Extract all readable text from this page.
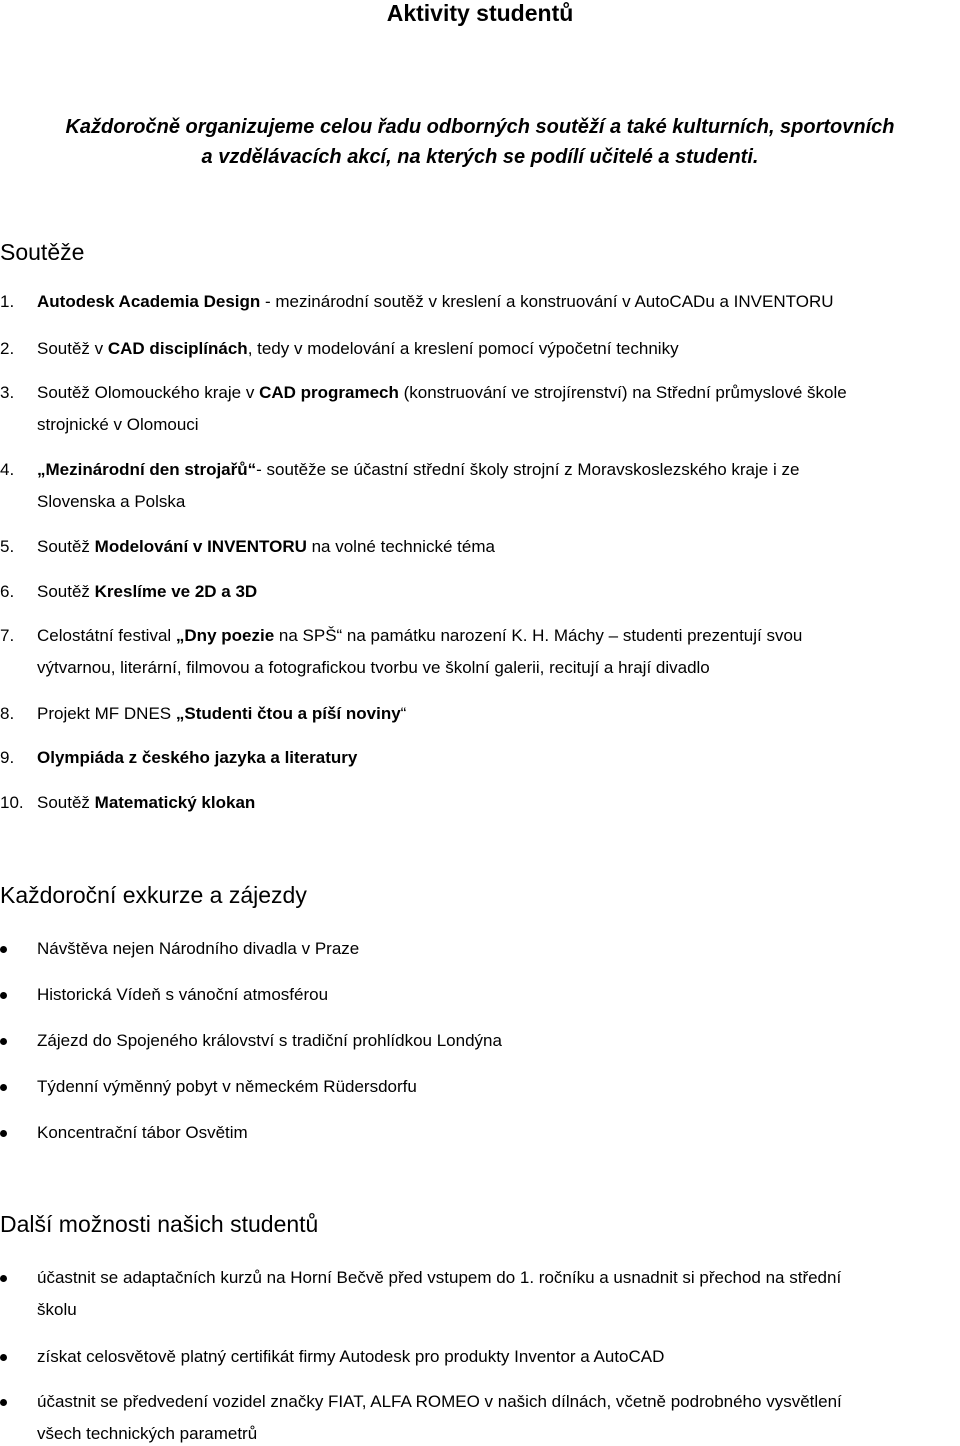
Aktivity studentů
Každoročně organizujeme celou řadu odborných soutěží a také kulturních, sportovních
a vzdělávacích akcí, na kterých se podílí učitelé a studenti.
Soutěže
1. Autodesk Academia Design - mezinárodní soutěž v kreslení a konstruování v AutoCADu a INVENTORU
2. Soutěž v CAD disciplínách, tedy v modelování a kreslení pomocí výpočetní techniky
3. Soutěž Olomouckého kraje v CAD programech (konstruování ve strojírenství) na Střední průmyslové škole
strojnické v Olomouci
4. „Mezinárodní den strojařů“- soutěže se účastní střední školy strojní z Moravskoslezského kraje i ze
Slovenska a Polska
5. Soutěž Modelování v INVENTORU na volné technické téma
6. Soutěž Kreslíme ve 2D a 3D
7. Celostátní festival „Dny poezie na SPŠ“ na památku narození K. H. Máchy – studenti prezentují svou
výtvarnou, literární, filmovou a fotografickou tvorbu ve školní galerii, recitují a hrají divadlo
8. Projekt MF DNES „Studenti čtou a píší noviny“
9. Olympiáda z českého jazyka a literatury
10. Soutěž Matematický klokan
Každoroční exkurze a zájezdy
Návštěva nejen Národního divadla v Praze
Historická Vídeň s vánoční atmosférou
Zájezd do Spojeného království s tradiční prohlídkou Londýna
Týdenní výměnný pobyt v německém Rüdersdorfu
Koncentrační tábor Osvětim
Další možnosti našich studentů
účastnit se adaptačních kurzů na Horní Bečvě před vstupem do 1. ročníku a usnadnit si přechod na střední
školu
získat celosvětově platný certifikát firmy Autodesk pro produkty Inventor a AutoCAD
účastnit se předvedení vozidel značky FIAT, ALFA ROMEO v našich dílnách, včetně podrobného vysvětlení
všech technických parametrů
